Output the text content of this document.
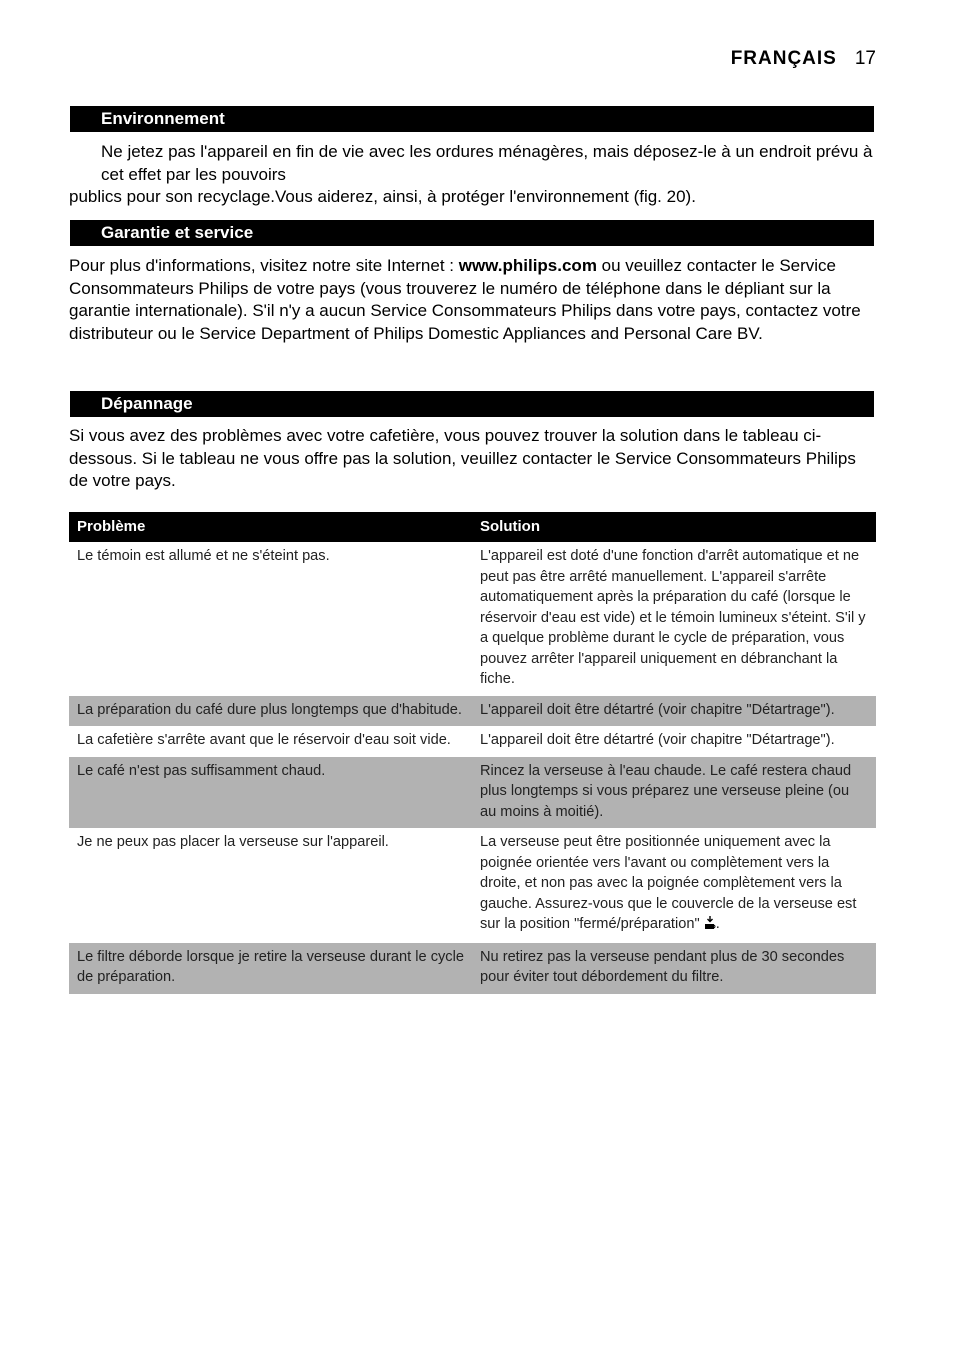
FRANÇAIS 17
Environnement
Ne jetez pas l'appareil en fin de vie avec les ordures ménagères, mais déposez-le à un endroit prévu à cet effet par les pouvoirs
publics pour son recyclage.Vous aiderez, ainsi, à protéger l'environnement (fig. 20).
Garantie et service
Pour plus d'informations, visitez notre site Internet : www.philips.com ou veuillez contacter le Service Consommateurs Philips de votre pays (vous trouverez le numéro de téléphone dans le dépliant sur la garantie internationale). S'il n'y a aucun Service Consommateurs Philips dans votre pays, contactez votre distributeur ou le Service Department of Philips Domestic Appliances and Personal Care BV.
Dépannage
Si vous avez des problèmes avec votre cafetière, vous pouvez trouver la solution dans le tableau ci-dessous. Si le tableau ne vous offre pas la solution, veuillez contacter le Service Consommateurs Philips de votre pays.
Problème	Solution
Le témoin est allumé et ne s'éteint pas.	L'appareil est doté d'une fonction d'arrêt automatique et ne peut pas être arrêté manuellement. L'appareil s'arrête automatiquement après la préparation du café (lorsque le réservoir d'eau est vide) et le témoin lumineux s'éteint. S'il y a quelque problème durant le cycle de préparation, vous pouvez arrêter l'appareil uniquement en débranchant la fiche.
La préparation du café dure plus longtemps que d'habitude.	L'appareil doit être détartré (voir chapitre "Détartrage").
La cafetière s'arrête avant que le réservoir d'eau soit vide.	L'appareil doit être détartré (voir chapitre "Détartrage").
Le café n'est pas suffisamment chaud.	Rincez la verseuse à l'eau chaude. Le café restera chaud plus longtemps si vous préparez une verseuse pleine (ou au moins à moitié).
Je ne peux pas placer la verseuse sur l'appareil.	La verseuse peut être positionnée uniquement avec la poignée orientée vers l'avant ou complètement vers la droite, et non pas avec la poignée complètement vers la gauche. Assurez-vous que le couvercle de la verseuse est sur la position "fermé/préparation" .
Le filtre déborde lorsque je retire la verseuse durant le cycle de préparation.	Nu retirez pas la verseuse pendant plus de 30 secondes pour éviter tout débordement du filtre.
